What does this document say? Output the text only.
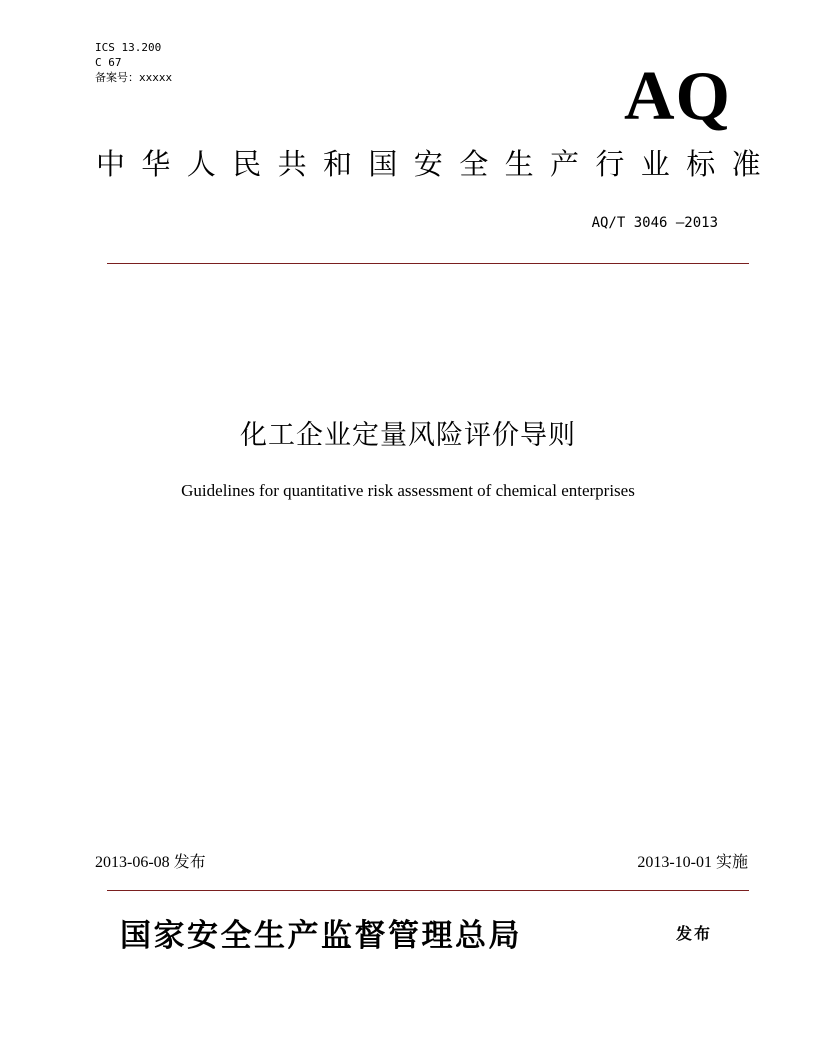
ICS 13.200
C 67
备案号：xxxxx	AQ
中华人民共和国安全生产行业标准
AQ/T 3046 —2013
化工企业定量风险评价导则
Guidelines for quantitative risk assessment of chemical enterprises
2013-06-08 发布	2013-10-01 实施
国家安全生产监督管理总局	发布
